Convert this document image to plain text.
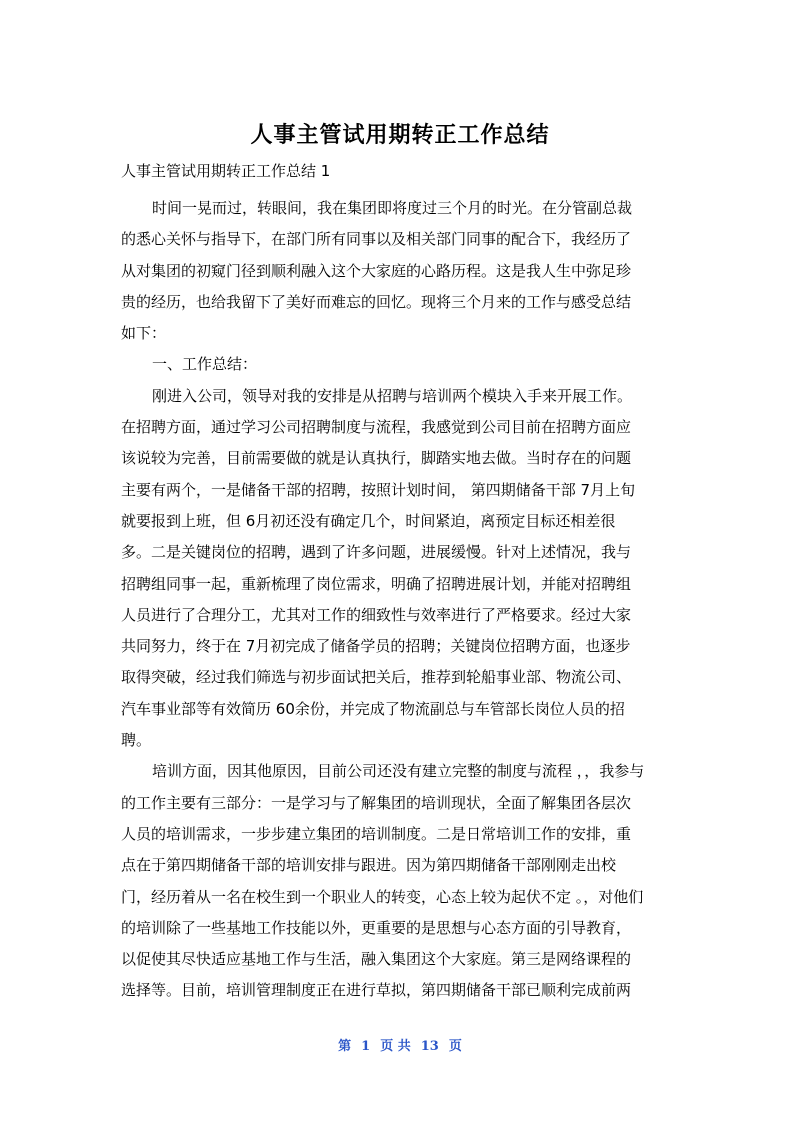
人事主管试用期转正工作总结
人事主管试用期转正工作总结 1
时间一晃而过，转眼间，我在集团即将度过三个月的时光。在分管副总裁
的悉心关怀与指导下，在部门所有同事以及相关部门同事的配合下，我经历了
从对集团的初窥门径到顺利融入这个大家庭的心路历程。这是我人生中弥足珍
贵的经历，也给我留下了美好而难忘的回忆。现将三个月来的工作与感受总结
如下：
一、工作总结：
刚进入公司，领导对我的安排是从招聘与培训两个模块入手来开展工作。
在招聘方面，通过学习公司招聘制度与流程，我感觉到公司目前在招聘方面应
该说较为完善，目前需要做的就是认真执行，脚踏实地去做。当时存在的问题
主要有两个，一是储备干部的招聘，按照计划时间， 第四期储备干部 7月上旬
就要报到上班，但 6月初还没有确定几个，时间紧迫，离预定目标还相差很
多。二是关键岗位的招聘，遇到了许多问题，进展缓慢。针对上述情况，我与
招聘组同事一起，重新梳理了岗位需求，明确了招聘进展计划，并能对招聘组
人员进行了合理分工，尤其对工作的细致性与效率进行了严格要求。经过大家
共同努力，终于在 7月初完成了储备学员的招聘；关键岗位招聘方面，也逐步
取得突破，经过我们筛选与初步面试把关后，推荐到轮船事业部、物流公司、
汽车事业部等有效简历 60余份，并完成了物流副总与车管部长岗位人员的招
聘。
培训方面，因其他原因，目前公司还没有建立完整的制度与流程 ，，我参与
的工作主要有三部分：一是学习与了解集团的培训现状，全面了解集团各层次
人员的培训需求，一步步建立集团的培训制度。二是日常培训工作的安排，重
点在于第四期储备干部的培训安排与跟进。因为第四期储备干部刚刚走出校
门，经历着从一名在校生到一个职业人的转变，心态上较为起伏不定 。，对他们
的培训除了一些基地工作技能以外，更重要的是思想与心态方面的引导教育，
以促使其尽快适应基地工作与生活，融入集团这个大家庭。第三是网络课程的
选择等。目前，培训管理制度正在进行草拟，第四期储备干部已顺利完成前两
第 1 页 共 13 页
